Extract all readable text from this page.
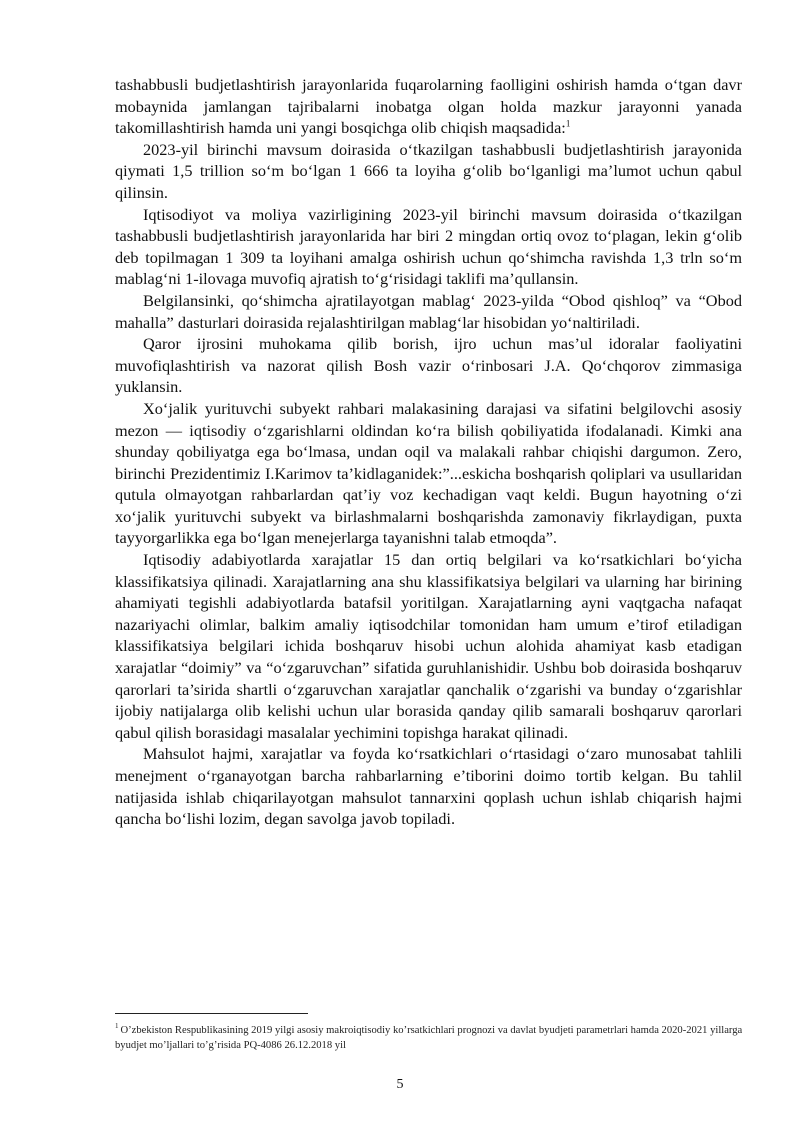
tashabbusli budjetlashtirish jarayonlarida fuqarolarning faolligini oshirish hamda o‘tgan davr mobaynida jamlangan tajribalarni inobatga olgan holda mazkur jarayonni yanada takomillashtirish hamda uni yangi bosqichga olib chiqish maqsadida:$^1$

2023-yil birinchi mavsum doirasida o‘tkazilgan tashabbusli budjetlashtirish jarayonida qiymati 1,5 trillion so‘m bo‘lgan 1 666 ta loyiha g‘olib bo‘lganligi ma’lumot uchun qabul qilinsin.

Iqtisodiyot va moliya vazirligining 2023-yil birinchi mavsum doirasida o‘tkazilgan tashabbusli budjetlashtirish jarayonlarida har biri 2 mingdan ortiq ovoz to‘plagan, lekin g‘olib deb topilmagan 1 309 ta loyihani amalga oshirish uchun qo‘shimcha ravishda 1,3 trln so‘m mablag‘ni 1-ilovaga muvofiq ajratish to‘g‘risidagi taklifi ma’qullansin.

Belgilansinki, qo‘shimcha ajratilayotgan mablag‘ 2023-yilda “Obod qishloq” va “Obod mahalla” dasturlari doirasida rejalashtirilgan mablag‘lar hisobidan yo‘naltiriladi.

Qaror ijrosini muhokama qilib borish, ijro uchun mas’ul idoralar faoliyatini muvofiqlashtirish va nazorat qilish Bosh vazir o‘rinbosari J.A. Qo‘chqorov zimmasiga yuklansin.

Xo‘jalik yurituvchi subyekt rahbari malakasining darajasi va sifatini belgilovchi asosiy mezon — iqtisodiy o‘zgarishlarni oldindan ko‘ra bilish qobiliyatida ifodalanadi. Kimki ana shunday qobiliyatga ega bo‘lmasa, undan oqil va malakali rahbar chiqishi dargumon. Zero, birinchi Prezidentimiz I.Karimov ta’kidlaganidek:”...eskicha boshqarish qoliplari va usullaridan qutula olmayotgan rahbarlardan qat’iy voz kechadigan vaqt keldi. Bugun hayotning o‘zi xo‘jalik yurituvchi subyekt va birlashmalarni boshqarishda zamonaviy fikrlaydigan, puxta tayyorgarlikka ega bo‘lgan menejerlarga tayanishni talab etmoqda”.

Iqtisodiy adabiyotlarda xarajatlar 15 dan ortiq belgilari va ko‘rsatkichlari bo‘yicha klassifikatsiya qilinadi. Xarajatlarning ana shu klassifikatsiya belgilari va ularning har birining ahamiyati tegishli adabiyotlarda batafsil yoritilgan. Xarajatlarning ayni vaqtgacha nafaqat nazariyachi olimlar, balkim amaliy iqtisodchilar tomonidan ham umum e’tirof etiladigan klassifikatsiya belgilari ichida boshqaruv hisobi uchun alohida ahamiyat kasb etadigan xarajatlar “doimiy” va “o‘zgaruvchan” sifatida guruhlanishidir. Ushbu bob doirasida boshqaruv qarorlari ta’sirida shartli o‘zgaruvchan xarajatlar qanchalik o‘zgarishi va bunday o‘zgarishlar ijobiy natijalarga olib kelishi uchun ular borasida qanday qilib samarali boshqaruv qarorlari qabul qilish borasidagi masalalar yechimini topishga harakat qilinadi.

Mahsulot hajmi, xarajatlar va foyda ko‘rsatkichlari o‘rtasidagi o‘zaro munosabat tahlili menejment o‘rganayotgan barcha rahbarlarning e’tiborini doimo tortib kelgan. Bu tahlil natijasida ishlab chiqarilayotgan mahsulot tannarxini qoplash uchun ishlab chiqarish hajmi qancha bo‘lishi lozim, degan savolga javob topiladi.

$^1$ O’zbekiston Respublikasining 2019 yilgi asosiy makroiqtisodiy ko’rsatkichlari prognozi va davlat byudjeti parametrlari hamda 2020-2021 yillarga byudjet mo’ljallari to’g’risida PQ-4086 26.12.2018 yil
5
